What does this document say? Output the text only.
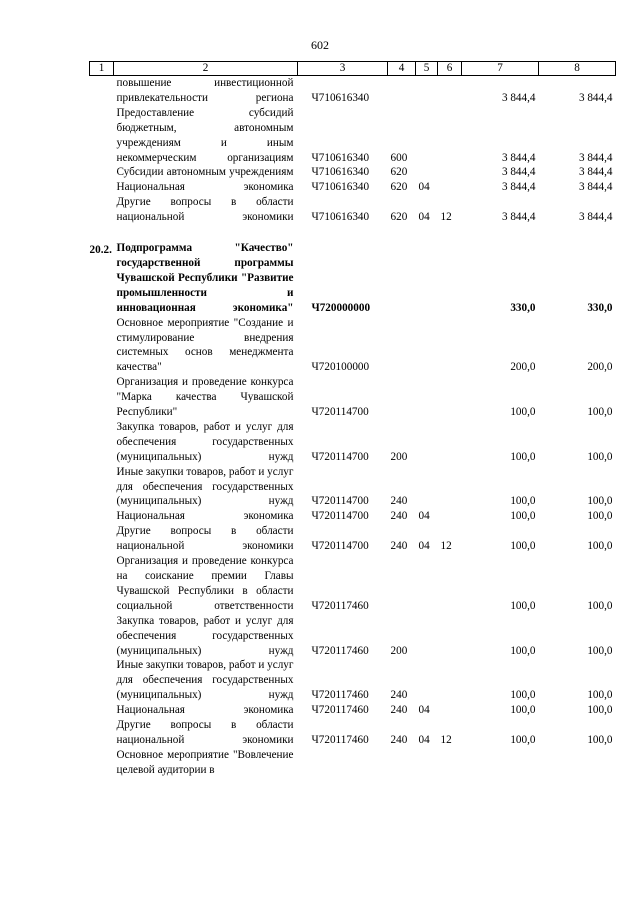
602
1	2	3	4	5	6	7	8
	повышение инвестиционной привлекательности региона	Ч710616340				3 844,4	3 844,4
	Предоставление субсидий бюджетным, автономным учреждениям и иным некоммерческим организациям	Ч710616340	600			3 844,4	3 844,4
	Субсидии автономным учреждениям	Ч710616340	620			3 844,4	3 844,4
	Национальная экономика	Ч710616340	620	04		3 844,4	3 844,4
	Другие вопросы в области национальной экономики	Ч710616340	620	04	12	3 844,4	3 844,4

20.2.	Подпрограмма "Качество" государственной программы Чувашской Республики "Развитие промышленности и инновационная экономика"	Ч720000000				330,0	330,0
	Основное мероприятие "Создание и стимулирование внедрения системных основ менеджмента качества"	Ч720100000				200,0	200,0
	Организация и проведение конкурса "Марка качества Чувашской Республики"	Ч720114700				100,0	100,0
	Закупка товаров, работ и услуг для обеспечения государственных (муниципальных) нужд	Ч720114700	200			100,0	100,0
	Иные закупки товаров, работ и услуг для обеспечения государственных (муниципальных) нужд	Ч720114700	240			100,0	100,0
	Национальная экономика	Ч720114700	240	04		100,0	100,0
	Другие вопросы в области национальной экономики	Ч720114700	240	04	12	100,0	100,0
	Организация и проведение конкурса на соискание премии Главы Чувашской Республики в области социальной ответственности	Ч720117460				100,0	100,0
	Закупка товаров, работ и услуг для обеспечения государственных (муниципальных) нужд	Ч720117460	200			100,0	100,0
	Иные закупки товаров, работ и услуг для обеспечения государственных (муниципальных) нужд	Ч720117460	240			100,0	100,0
	Национальная экономика	Ч720117460	240	04		100,0	100,0
	Другие вопросы в области национальной экономики	Ч720117460	240	04	12	100,0	100,0
	Основное мероприятие "Вовлечение целевой аудитории в						
